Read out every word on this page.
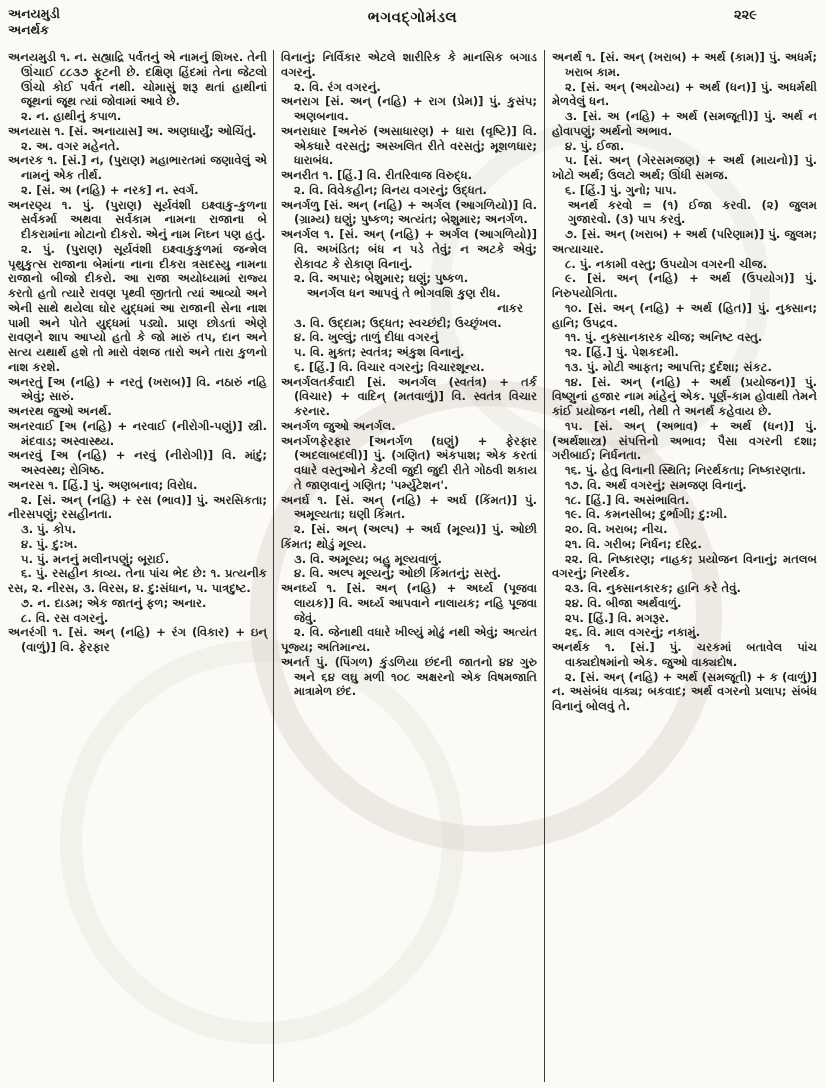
અનયમુડી
અનર્થક
ભગવદ્ગોમંડલ	૨૨૯

અનયમુડી ૧. ન. સહ્યાદ્રિ પર્વતનું એ નામનું શિખર. તેની ઊંચાઈ ૮૮૩૭ ફૂટની છે. દક્ષિણ હિંદમાં તેના જેટલો ઊંચો કોઈ પર્વત નથી. ચોમાસું શરૂ થતાં હાથીનાં જૂથનાં જૂથ ત્યાં જોવામાં આવે છે.

૨. ન. હાથીનું કપાળ.

અનયાસ ૧. [સં. અનાયાસ] અ. અણધાર્યું; ઓચિંતું.

૨. અ. વગર મહેનતે.

અનરક ૧. [સં.] ન, (પુરાણ) મહાભારતમાં જણાવેલું એ નામનું એક તીર્થ.

૨. [સં. અ (નહિ) + નરક] ન. સ્વર્ગ.

અનરણ્ય ૧. પું. (પુરાણ) સૂર્યવંશી ઇક્ષ્વાકુ-કુળના સર્વકર્મા અથવા સર્વકામ નામના રાજાના બે દીકરામાંના મોટાનો દીકરો. એનું નામ નિઘ્ન પણ હતું.

૨. પું. (પુરાણ) સૂર્યવંશી ઇક્ષ્વાકુકુળમાં જન્મેલ પૃથુકુત્સ રાજાના બેમાંના નાના દીકરા ત્રસદસ્યુ નામના રાજાનો બીજો દીકરો. આ રાજા અયોધ્યામાં રાજ્ય કરતો હતો ત્યારે રાવણ પૃથ્વી જીતતો ત્યાં આવ્યો અને એની સાથે થયેલા ઘોર યુદ્ધમાં આ રાજાની સેના નાશ પામી અને પોતે યુદ્ધમાં પડ્યો. પ્રાણ છોડતાં એણે રાવણને શાપ આપ્યો હતો કે જો મારું તપ, દાન અને સત્ય યથાર્થ હશે તો મારો વંશજ તારો અને તારા કુળનો નાશ કરશે.

અનરતું [અ (નહિ) + નરતું (ખરાબ)] વિ. નઠારું નહિ એવું; સારું.

અનરથ જુઓ અનર્થ.

અનરવાઈ [અ (નહિ) + નરવાઈ (નીરોગી-પણું)] સ્ત્રી. મંદવાડ; અસ્વાસ્થ્ય.

અનરવું [અ (નહિ) + નરવું (નીરોગી)] વિ. માંદું; અસ્વસ્થ; રોગિષ્ઠ.

અનરસ ૧. [હિં.] પું. અણબનાવ; વિરોધ.

૨. [સં. અન્ (નહિ) + રસ (ભાવ)] પું. અરસિકતા; નીરસપણું; રસહીનતા.

૩. પું. કોપ.

૪. પું. દુ:ખ.

૫. પું. મનનું મલીનપણું; બૂરાઈ.

૬. પું. રસહીન કાવ્ય. તેના પાંચ ભેદ છે: ૧. પ્રત્યનીક રસ, ૨. નીરસ, ૩. વિરસ, ૪. દુ:સંધાન, ૫. પાત્રદુષ્ટ.

૭. ન. દાડમ; એક જાતનું ફળ; અનાર.

૮. વિ. રસ વગરનું.

અનરંગી ૧. [સં. અન્ (નહિ) + રંગ (વિકાર) + ઇન્ (વાળું)] વિ. ફેરફાર

વિનાનું; નિર્વિકાર એટલે શારીરિક કે માનસિક બગાડ વગરનું.

૨. વિ. રંગ વગરનું.

અનરાગ [સં. અન્ (નહિ) + રાગ (પ્રેમ)] પું. કુસંપ; અણબનાવ.

અનરાધાર [અનેરું (અસાધારણ) + ધારા (વૃષ્ટિ)] વિ. એકધારે વરસતું; અસ્ખલિત રીતે વરસતું; મૂશળધાર; ધારાબંધ.

અનરીત ૧. [હિં.] વિ. રીતરિવાજ વિરુદ્ધ.

૨. વિ. વિવેકહીન; વિનય વગરનું; ઉદ્ધત.

અનર્ગળુ [સં. અન્ (નહિ) + અર્ગલ (આગળિયો)] વિ. (ગ્રામ્ય) ઘણું; પુષ્કળ; અત્યંત; બેશુમાર; અનર્ગળ.

અનર્ગલ ૧. [સં. અન્ (નહિ) + અર્ગલ (આગળિયો)] વિ. અખંડિત; બંધ ન પડે તેવું; ન અટકે એવું; રોકાવટ કે રોકાણ વિનાનું.

૨. વિ. અપાર; બેશુમાર; ઘણું; પુષ્કળ.

અનર્ગલ ધન આપવું તે ભોગવશિ કુણ રીધ.

નાકર

૩. વિ. ઉદ્દામ; ઉદ્ધત; સ્વચ્છંદી; ઉચ્છૃંખલ.

૪. વિ. ખુલ્લું; તાળું દીધા વગરનું

૫. વિ. મુક્ત; સ્વતંત્ર; અંકુશ વિનાનું.

૬. [હિં.] વિ. વિચાર વગરનું; વિચારશૂન્ય.

અનર્ગલતર્કવાદી [સં. અનર્ગલ (સ્વતંત્ર) + તર્ક (વિચાર) + વાદિન્ (મતવાળું)] વિ. સ્વતંત્ર વિચાર કરનાર.

અનર્ગળ જુઓ અનર્ગલ.

અનર્ગળફેરફાર [અનર્ગળ (ઘણું) + ફેરફાર (અદલાબદલી)] પું. (ગણિત) અંકપાશ; એક કરતાં વધારે વસ્તુઓને કેટલી જુદી જુદી રીતે ગોઠવી શકાય તે જાણવાનું ગણિત; 'પર્મ્યુટેશન'.

અનર્ઘ ૧. [સં. અન્ (નહિ) + અર્ઘ (કિંમત)] પું. અમૂલ્યતા; ઘણી કિંમત.

૨. [સં. અન્ (અલ્પ) + અર્ઘ (મૂલ્ય)] પું. ઓછી કિંમત; થોડું મૂલ્ય.

૩. વિ. અમૂલ્ય; બહુ મૂલ્યવાળું.

૪. વિ. અલ્પ મૂલ્યનું; ઓછી કિંમતનું; સસ્તું.

અનર્ઘ્ય ૧. [સં. અન્ (નહિ) + અર્ઘ્ય (પૂજવા લાયક)] વિ. અર્ઘ્ય આપવાને નાલાયક; નહિ પૂજવા જેવું.

૨. વિ. જેનાથી વધારે ખીલ્યું મોઢું નથી એવું; અત્યંત પૂજ્ય; અતિમાન્ય.

અનર્ત પું. (પિંગળ) કુંડળિયા છંદની જાતનો ૪૪ ગુરુ અને ૬૪ લઘુ મળી ૧૦૮ અક્ષરનો એક વિષમજાતિ માત્રામેળ છંદ.

અનર્થ ૧. [સં. અન્ (ખરાબ) + અર્થ (કામ)] પું. અધર્મ; ખરાબ કામ.

૨. [સં. અન્ (અયોગ્ય) + અર્થ (ધન)] પું. અધર્મથી મેળવેલું ધન.

૩. [સં. અ (નહિ) + અર્થ (સમજૂતી)] પું. અર્થ ન હોવાપણું; અર્થનો અભાવ.

૪. પું. ઈજા.

૫. [સં. અન્ (ગેરસમજણ) + અર્થ (માયનો)] પું. ખોટો અર્થ; ઉલટો અર્થ; ઊંધી સમજ.

૬. [હિં.] પું. ગુનો; પાપ.

અનર્થ કરવો = (૧) ઈજા કરવી. (૨) જુલમ ગુજારવો. (૩) પાપ કરવું.

૭. [સં. અન્ (ખરાબ) + અર્થ (પરિણામ)] પું. જુલમ; અત્યાચાર.

૮. પું. નકામી વસ્તુ; ઉપયોગ વગરની ચીજ.

૯. [સં. અન્ (નહિ) + અર્થ (ઉપયોગ)] પું. નિરુપયોગિતા.

૧૦. [સં. અન્ (નહિ) + અર્થ (હિત)] પું. નુક્સાન; હાનિ; ઉપદ્રવ.

૧૧. પું. નુક્સાનકારક ચીજ; અનિષ્ટ વસ્તુ.

૧૨. [હિં.] પું. પેશકદમી.

૧૩. પું. મોટી આફત; આપત્તિ; દુર્દશા; સંકટ.

૧૪. [સં. અન્ (નહિ) + અર્થ (પ્રયોજન)] પું. વિષ્ણુનાં હજાર નામ માંહેનું એક. પૂર્ણ-કામ હોવાથી તેમને કાંઈ પ્રયોજન નથી, તેથી તે અનર્થ કહેવાય છે.

૧૫. [સં. અન્ (અભાવ) + અર્થ (ધન)] પું. (અર્થશાસ્ત્ર) સંપત્તિનો અભાવ; પૈસા વગરની દશા; ગરીબાઈ; નિર્ધનતા.

૧૬. પું. હેતુ વિનાની સ્થિતિ; નિરર્થકતા; નિષ્કારણતા.

૧૭. વિ. અર્થ વગરનું; સમજણ વિનાનું.

૧૮. [હિં.] વિ. અસંભાવિત.

૧૯. વિ. કમનસીબ; દુર્ભાગી; દુ:ખી.

૨૦. વિ. ખરાબ; નીચ.

૨૧. વિ. ગરીબ; નિર્ધન; દરિદ્ર.

૨૨. વિ. નિષ્કારણ; નાહક; પ્રયોજન વિનાનું; મતલબ વગરનું; નિરર્થક.

૨૩. વિ. નુક્સાનકારક; હાનિ કરે તેવું.

૨૪. વિ. બીજા અર્થવાળું.

૨૫. [હિં.] વિ. મગરૂર.

૨૬. વિ. માલ વગરનું; નકામું.

અનર્થક ૧. [સં.] પું. ચરકમાં બતાવેલ પાંચ વાક્યદોષમાંનો એક. જુઓ વાક્યદોષ.

૨. [સં. અન્ (નહિ) + અર્થ (સમજૂતી) + ક (વાળું)] ન. અસંબંધ વાક્ય; બકવાદ; અર્થ વગરનો પ્રલાપ; સંબંધ વિનાનું બોલવું તે.
